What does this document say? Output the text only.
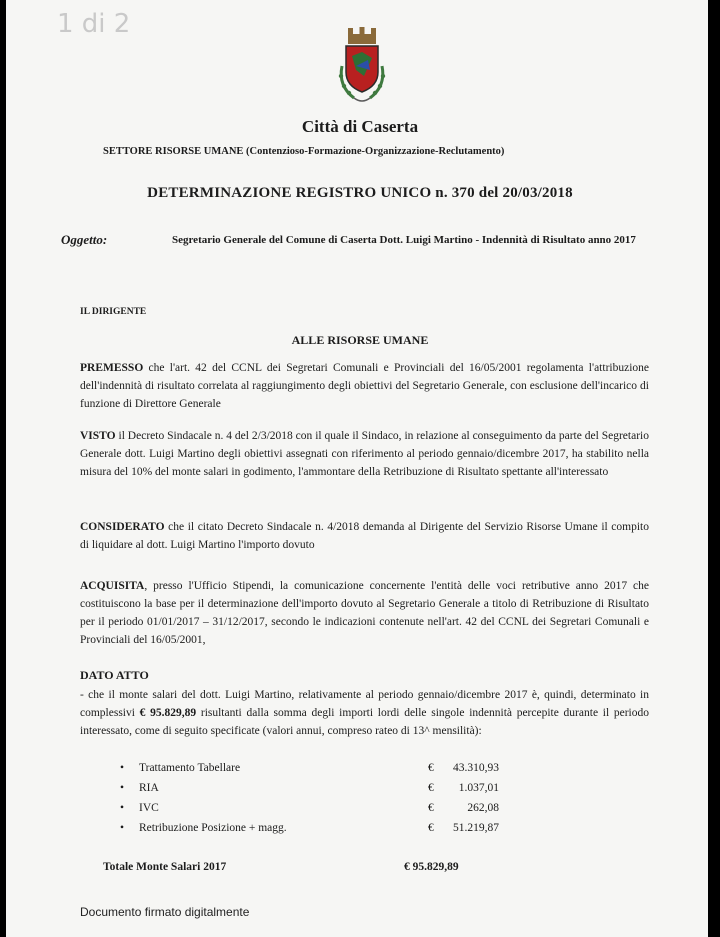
1 di 2
Città di Caserta
SETTORE RISORSE UMANE (Contenzioso-Formazione-Organizzazione-Reclutamento)
DETERMINAZIONE REGISTRO UNICO n. 370 del 20/03/2018
Oggetto:	Segretario Generale del Comune di Caserta Dott. Luigi Martino - Indennità di Risultato anno 2017
IL DIRIGENTE
ALLE RISORSE UMANE
PREMESSO che l'art. 42 del CCNL dei Segretari Comunali e Provinciali del 16/05/2001 regolamenta l'attribuzione dell'indennità di risultato correlata al raggiungimento degli obiettivi del Segretario Generale, con esclusione dell'incarico di funzione di Direttore Generale
VISTO il Decreto Sindacale n. 4 del 2/3/2018 con il quale il Sindaco, in relazione al conseguimento da parte del Segretario Generale dott. Luigi Martino degli obiettivi assegnati con riferimento al periodo gennaio/dicembre 2017, ha stabilito nella misura del 10% del monte salari in godimento, l'ammontare della Retribuzione di Risultato spettante all'interessato
CONSIDERATO che il citato Decreto Sindacale n. 4/2018 demanda al Dirigente del Servizio Risorse Umane il compito di liquidare al dott. Luigi Martino l'importo dovuto
ACQUISITA, presso l'Ufficio Stipendi, la comunicazione concernente l'entità delle voci retributive anno 2017 che costituiscono la base per il determinazione dell'importo dovuto al Segretario Generale a titolo di Retribuzione di Risultato per il periodo 01/01/2017 – 31/12/2017, secondo le indicazioni contenute nell'art. 42 del CCNL dei Segretari Comunali e Provinciali del 16/05/2001,
DATO ATTO
- che il monte salari del dott. Luigi Martino, relativamente al periodo gennaio/dicembre 2017 è, quindi, determinato in complessivi € 95.829,89 risultanti dalla somma degli importi lordi delle singole indennità percepite durante il periodo interessato, come di seguito specificate (valori annui, compreso rateo di 13^ mensilità):
• Trattamento Tabellare	€	43.310,93
• RIA	€	1.037,01
• IVC	€	262,08
• Retribuzione Posizione + magg.	€	51.219,87
Totale Monte Salari 2017	€ 95.829,89
Documento firmato digitalmente
